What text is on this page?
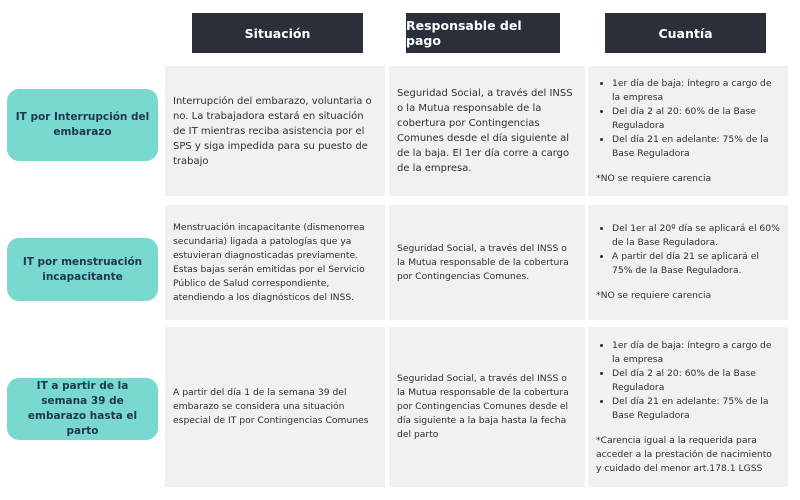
Situación	Responsable del pago	Cuantía
IT por Interrupción del embarazo
Interrupción del embarazo, voluntaria o no. La trabajadora estará en situación de IT mientras reciba asistencia por el SPS y siga impedida para su puesto de trabajo
Seguridad Social, a través del INSS o la Mutua responsable de la cobertura por Contingencias Comunes desde el día siguiente al de la baja. El 1er día corre a cargo de la empresa.
• 1er día de baja: íntegro a cargo de la empresa
• Del día 2 al 20: 60% de la Base Reguladora
• Del día 21 en adelante: 75% de la Base Reguladora
*NO se requiere carencia
IT por menstruación incapacitante
Menstruación incapacitante (dismenorrea secundaria) ligada a patologías que ya estuvieran diagnosticadas previamente. Estas bajas serán emitidas por el Servicio Público de Salud correspondiente, atendiendo a los diagnósticos del INSS.
Seguridad Social, a través del INSS o la Mutua responsable de la cobertura por Contingencias Comunes.
• Del 1er al 20º día se aplicará el 60% de la Base Reguladora.
• A partir del día 21 se aplicará el 75% de la Base Reguladora.
*NO se requiere carencia
IT a partir de la semana 39 de embarazo hasta el parto
A partir del día 1 de la semana 39 del embarazo se considera una situación especial de IT por Contingencias Comunes
Seguridad Social, a través del INSS o la Mutua responsable de la cobertura por Contingencias Comunes desde el día siguiente a la baja hasta la fecha del parto
• 1er día de baja: íntegro a cargo de la empresa
• Del día 2 al 20: 60% de la Base Reguladora
• Del día 21 en adelante: 75% de la Base Reguladora
*Carencia igual a la requerida para acceder a la prestación de nacimiento y cuidado del menor art.178.1 LGSS
